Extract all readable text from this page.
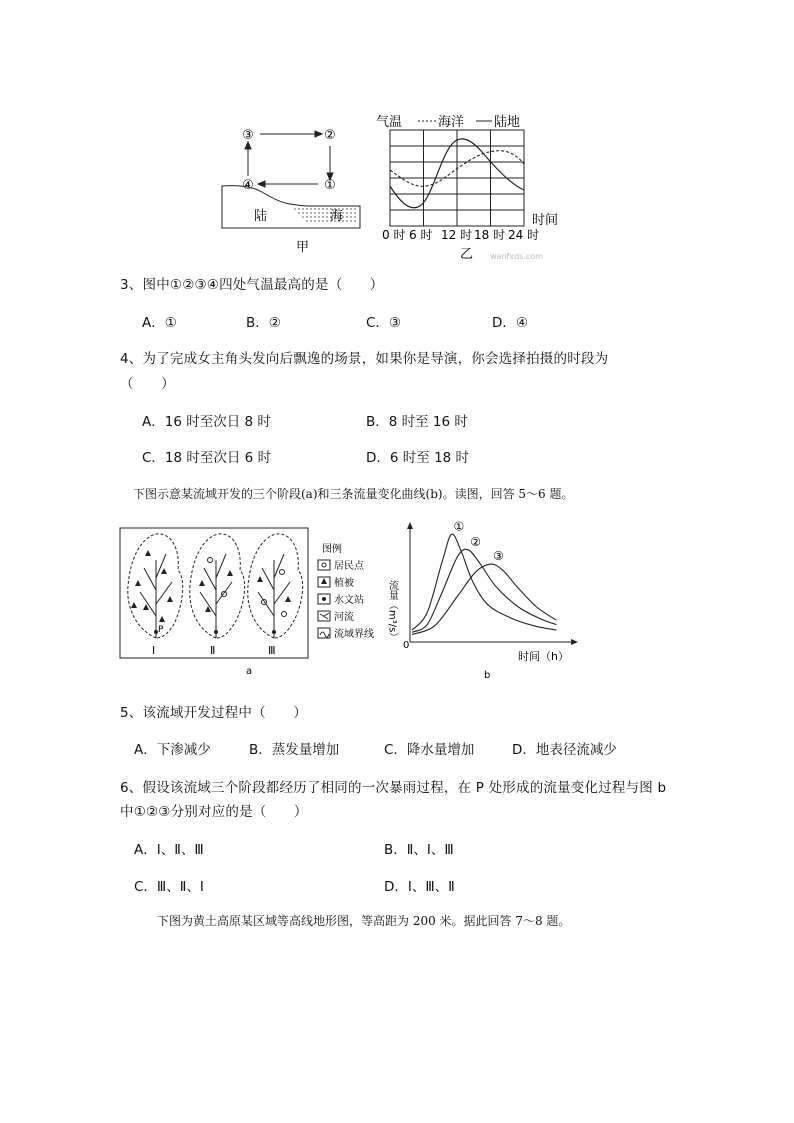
③	②
④	①
陆	海
甲
气温	海洋 陆地
0 时 6 时 12 时 18 时 24 时
时间
乙 wanfxds.com
3、图中①②③④四处气温最高的是（　　）
A．①	B．②	C．③	D．④
4、为了完成女主角头发向后飘逸的场景，如果你是导演，你会选择拍摄的时段为
（　　）
A．16 时至次日 8 时	B．8 时至 16 时
C．18 时至次日 6 时	D．6 时至 18 时
下图示意某流域开发的三个阶段(a)和三条流量变化曲线(b)。读图，回答 5～6 题。
Ⅰ
P
Ⅱ	Ⅲ
图例
居民点
植被
水文站
河流
流域界线
a
0
时间（h）
流量（m³/s）
①
②
③
b
5、该流域开发过程中（　　）
A．下渗减少	B．蒸发量增加	C．降水量增加	D．地表径流减少
6、假设该流域三个阶段都经历了相同的一次暴雨过程，在 P 处形成的流量变化过程与图 b
中①②③分别对应的是（　　）
A．Ⅰ、Ⅱ、Ⅲ	B．Ⅱ、Ⅰ、Ⅲ
C．Ⅲ、Ⅱ、Ⅰ	D．Ⅰ、Ⅲ、Ⅱ
下图为黄土高原某区域等高线地形图，等高距为 200 米。据此回答 7～8 题。
